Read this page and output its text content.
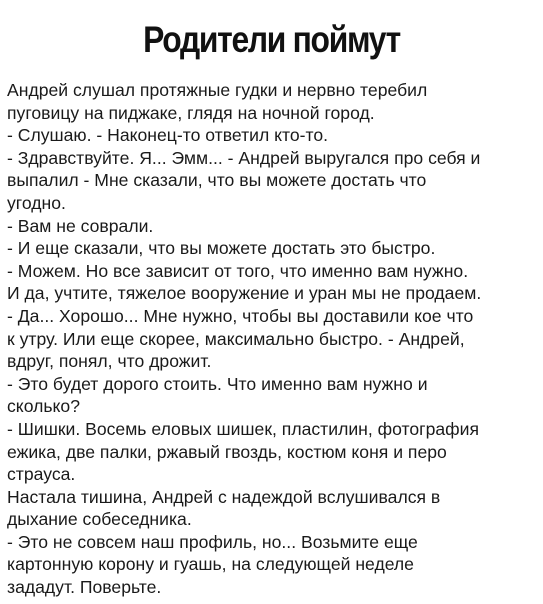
Родители поймут
Андрей слушал протяжные гудки и нервно теребил
пуговицу на пиджаке, глядя на ночной город.
- Слушаю. - Наконец-то ответил кто-то.
- Здравствуйте. Я... Эмм... - Андрей выругался про себя и
выпалил - Мне сказали, что вы можете достать что
угодно.
- Вам не соврали.
- И еще сказали, что вы можете достать это быстро.
- Можем. Но все зависит от того, что именно вам нужно.
И да, учтите, тяжелое вооружение и уран мы не продаем.
- Да... Хорошо... Мне нужно, чтобы вы доставили кое что
к утру. Или еще скорее, максимально быстро. - Андрей,
вдруг, понял, что дрожит.
- Это будет дорого стоить. Что именно вам нужно и
сколько?
- Шишки. Восемь еловых шишек, пластилин, фотография
ежика, две палки, ржавый гвоздь, костюм коня и перо
страуса.
Настала тишина, Андрей с надеждой вслушивался в
дыхание собеседника.
- Это не совсем наш профиль, но... Возьмите еще
картонную корону и гуашь, на следующей неделе
зададут. Поверьте.
